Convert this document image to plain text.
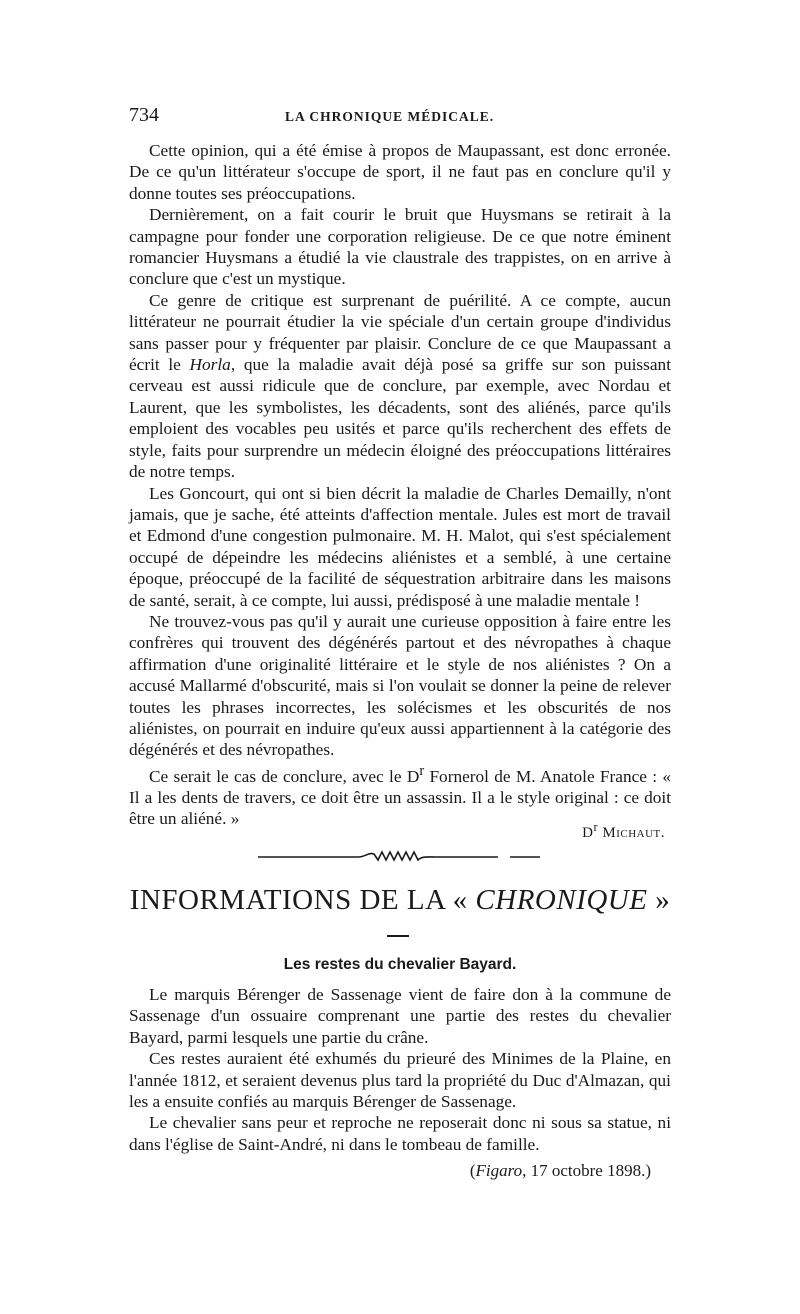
734	LA CHRONIQUE MÉDICALE.

Cette opinion, qui a été émise à propos de Maupassant, est donc erronée. De ce qu'un littérateur s'occupe de sport, il ne faut pas en conclure qu'il y donne toutes ses préoccupations.

Dernièrement, on a fait courir le bruit que Huysmans se retirait à la campagne pour fonder une corporation religieuse. De ce que notre éminent romancier Huysmans a étudié la vie claustrale des trappistes, on en arrive à conclure que c'est un mystique.

Ce genre de critique est surprenant de puérilité. A ce compte, aucun littérateur ne pourrait étudier la vie spéciale d'un certain groupe d'individus sans passer pour y fréquenter par plaisir. Conclure de ce que Maupassant a écrit le Horla, que la maladie avait déjà posé sa griffe sur son puissant cerveau est aussi ridicule que de conclure, par exemple, avec Nordau et Laurent, que les symbolistes, les décadents, sont des aliénés, parce qu'ils emploient des vocables peu usités et parce qu'ils recherchent des effets de style, faits pour surprendre un médecin éloigné des préoccupations littéraires de notre temps.

Les Goncourt, qui ont si bien décrit la maladie de Charles Demailly, n'ont jamais, que je sache, été atteints d'affection mentale. Jules est mort de travail et Edmond d'une congestion pulmonaire. M. H. Malot, qui s'est spécialement occupé de dépeindre les médecins aliénistes et a semblé, à une certaine époque, préoccupé de la facilité de séquestration arbitraire dans les maisons de santé, serait, à ce compte, lui aussi, prédisposé à une maladie mentale !

Ne trouvez-vous pas qu'il y aurait une curieuse opposition à faire entre les confrères qui trouvent des dégénérés partout et des névropathes à chaque affirmation d'une originalité littéraire et le style de nos aliénistes ? On a accusé Mallarmé d'obscurité, mais si l'on voulait se donner la peine de relever toutes les phrases incorrectes, les solécismes et les obscurités de nos aliénistes, on pourrait en induire qu'eux aussi appartiennent à la catégorie des dégénérés et des névropathes.

Ce serait le cas de conclure, avec le $D^r$ Fornerol de M. Anatole France : « Il a les dents de travers, ce doit être un assassin. Il a le style original : ce doit être un aliéné. »

$D^r$ Michaut.
INFORMATIONS DE LA « CHRONIQUE »
Les restes du chevalier Bayard.

Le marquis Bérenger de Sassenage vient de faire don à la commune de Sassenage d'un ossuaire comprenant une partie des restes du chevalier Bayard, parmi lesquels une partie du crâne.

Ces restes auraient été exhumés du prieuré des Minimes de la Plaine, en l'année 1812, et seraient devenus plus tard la propriété du Duc d'Almazan, qui les a ensuite confiés au marquis Bérenger de Sassenage.

Le chevalier sans peur et reproche ne reposerait donc ni sous sa statue, ni dans l'église de Saint-André, ni dans le tombeau de famille.

(Figaro, 17 octobre 1898.)
